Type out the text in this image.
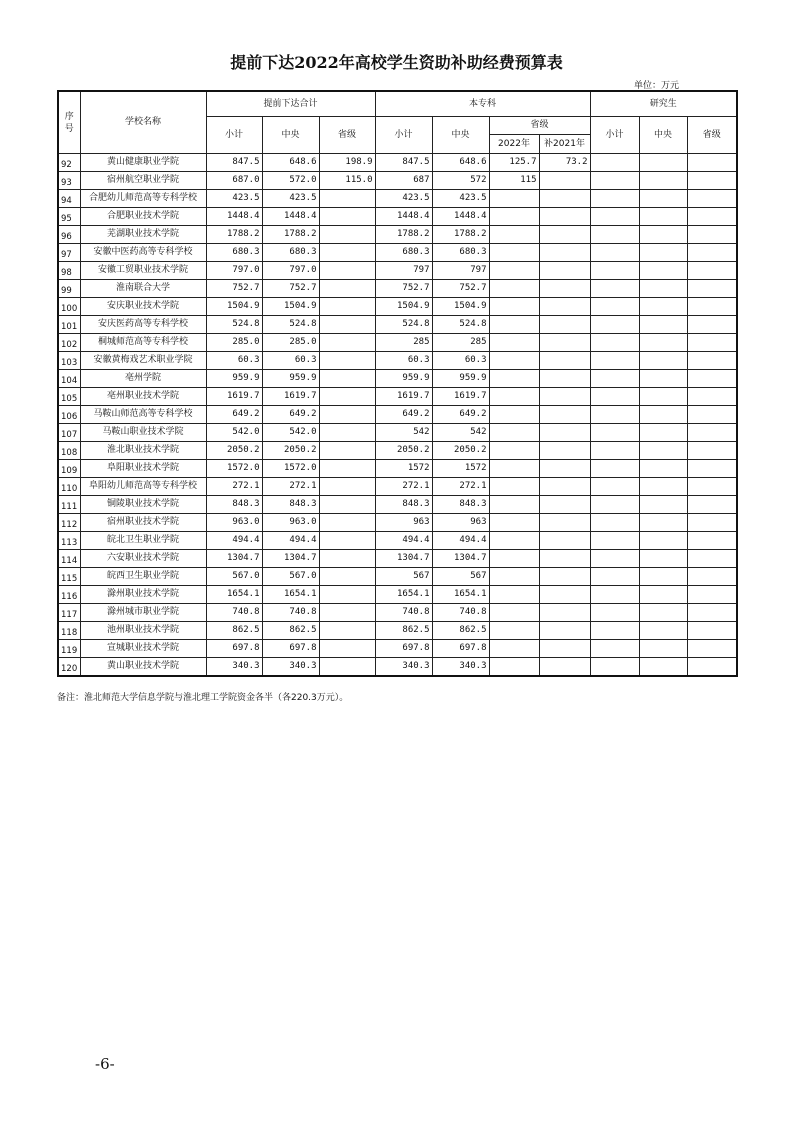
提前下达2022年高校学生资助补助经费预算表
单位：万元
序号	学校名称	提前下达合计			本专科				研究生		
		小计	中央	省级	小计	中央	省级		小计	中央	省级
							2022年	补2021年			
92	黄山健康职业学院	847.5	648.6	198.9	847.5	648.6	125.7	73.2			
93	宿州航空职业学院	687.0	572.0	115.0	687	572	115				
94	合肥幼儿师范高等专科学校	423.5	423.5		423.5	423.5					
95	合肥职业技术学院	1448.4	1448.4		1448.4	1448.4					
96	芜湖职业技术学院	1788.2	1788.2		1788.2	1788.2					
97	安徽中医药高等专科学校	680.3	680.3		680.3	680.3					
98	安徽工贸职业技术学院	797.0	797.0		797	797					
99	淮南联合大学	752.7	752.7		752.7	752.7					
100	安庆职业技术学院	1504.9	1504.9		1504.9	1504.9					
101	安庆医药高等专科学校	524.8	524.8		524.8	524.8					
102	桐城师范高等专科学校	285.0	285.0		285	285					
103	安徽黄梅戏艺术职业学院	60.3	60.3		60.3	60.3					
104	亳州学院	959.9	959.9		959.9	959.9					
105	亳州职业技术学院	1619.7	1619.7		1619.7	1619.7					
106	马鞍山师范高等专科学校	649.2	649.2		649.2	649.2					
107	马鞍山职业技术学院	542.0	542.0		542	542					
108	淮北职业技术学院	2050.2	2050.2		2050.2	2050.2					
109	阜阳职业技术学院	1572.0	1572.0		1572	1572					
110	阜阳幼儿师范高等专科学校	272.1	272.1		272.1	272.1					
111	铜陵职业技术学院	848.3	848.3		848.3	848.3					
112	宿州职业技术学院	963.0	963.0		963	963					
113	皖北卫生职业学院	494.4	494.4		494.4	494.4					
114	六安职业技术学院	1304.7	1304.7		1304.7	1304.7					
115	皖西卫生职业学院	567.0	567.0		567	567					
116	滁州职业技术学院	1654.1	1654.1		1654.1	1654.1					
117	滁州城市职业学院	740.8	740.8		740.8	740.8					
118	池州职业技术学院	862.5	862.5		862.5	862.5					
119	宣城职业技术学院	697.8	697.8		697.8	697.8					
120	黄山职业技术学院	340.3	340.3		340.3	340.3					
备注：淮北师范大学信息学院与淮北理工学院资金各半（各220.3万元）。
-6-
